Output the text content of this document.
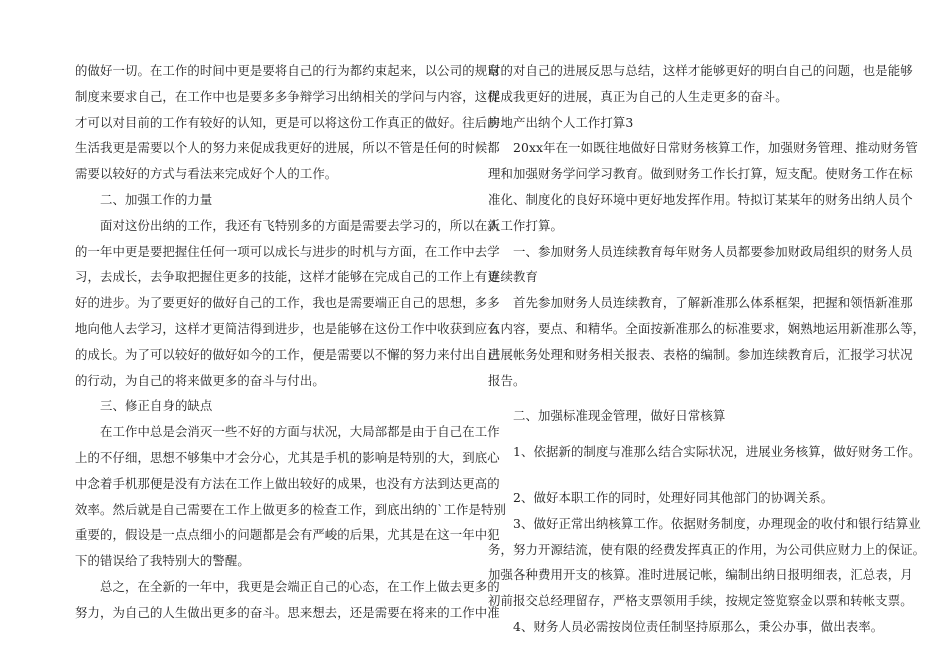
的做好一切。在工作的时间中更是要将自己的行为都约束起来，以公司的规章

制度来要求自己，在工作中也是要多多争辩学习出纳相关的学问与内容，这样

才可以对目前的工作有较好的认知，更是可以将这份工作真正的做好。往后的

生活我更是需要以个人的努力来促成我更好的进展，所以不管是任何的时候都

需要以较好的方式与看法来完成好个人的工作。

二、加强工作的力量

面对这份出纳的工作，我还有飞特别多的方面是需要去学习的，所以在新

的一年中更是要把握住任何一项可以成长与进步的时机与方面，在工作中去学

习，去成长，去争取把握住更多的技能，这样才能够在完成自己的工作上有更

好的进步。为了要更好的做好自己的工作，我也是需要端正自己的思想，多多

地向他人去学习，这样才更简洁得到进步，也是能够在这份工作中收获到应有

的成长。为了可以较好的做好如今的工作，便是需要以不懈的努力来付出自己

的行动，为自己的将来做更多的奋斗与付出。

三、修正自身的缺点

在工作中总是会消灭一些不好的方面与状况，大局部都是由于自己在工作

上的不仔细，思想不够集中才会分心，尤其是手机的影响是特别的大，到底心

中念着手机那便是没有方法在工作上做出较好的成果，也没有方法到达更高的

效率。然后就是自己需要在工作上做更多的检查工作，到底出纳的`工作是特别

重要的，假设是一点点细小的问题都是会有严峻的后果，尤其是在这一年中犯

下的错误给了我特别大的警醒。

总之，在全新的一年中，我更是会端正自己的心态，在工作上做去更多的

努力，为自己的人生做出更多的奋斗。思来想去，还是需要在将来的工作中准

时的对自己的进展反思与总结，这样才能够更好的明白自己的问题，也是能够

促成我更好的进展，真正为自己的人生走更多的奋斗。

房地产出纳个人工作打算3

20xx年在一如既往地做好日常财务核算工作，加强财务管理、推动财务管

理和加强财务学问学习教育。做到财务工作长打算，短支配。使财务工作在标

准化、制度化的良好环境中更好地发挥作用。特拟订某某年的财务出纳人员个

人工作打算。

一、参加财务人员连续教育每年财务人员都要参加财政局组织的财务人员

连续教育

首先参加财务人员连续教育，了解新准那么体系框架，把握和领悟新准那

么内容，要点、和精华。全面按新准那么的标准要求，娴熟地运用新准那么等，

进展帐务处理和财务相关报表、表格的编制。参加连续教育后，汇报学习状况

报告。

二、加强标准现金管理，做好日常核算

1、依据新的制度与准那么结合实际状况，进展业务核算，做好财务工作。

2、做好本职工作的同时，处理好同其他部门的协调关系。

3、做好正常出纳核算工作。依据财务制度，办理现金的收付和银行结算业

务，努力开源结流，使有限的经费发挥真正的作用，为公司供应财力上的保证。

加强各种费用开支的核算。准时进展记帐，编制出纳日报明细表，汇总表，月

初前报交总经理留存，严格支票领用手续，按规定签览察金以票和转帐支票。

4、财务人员必需按岗位责任制坚持原那么，秉公办事，做出表率。
